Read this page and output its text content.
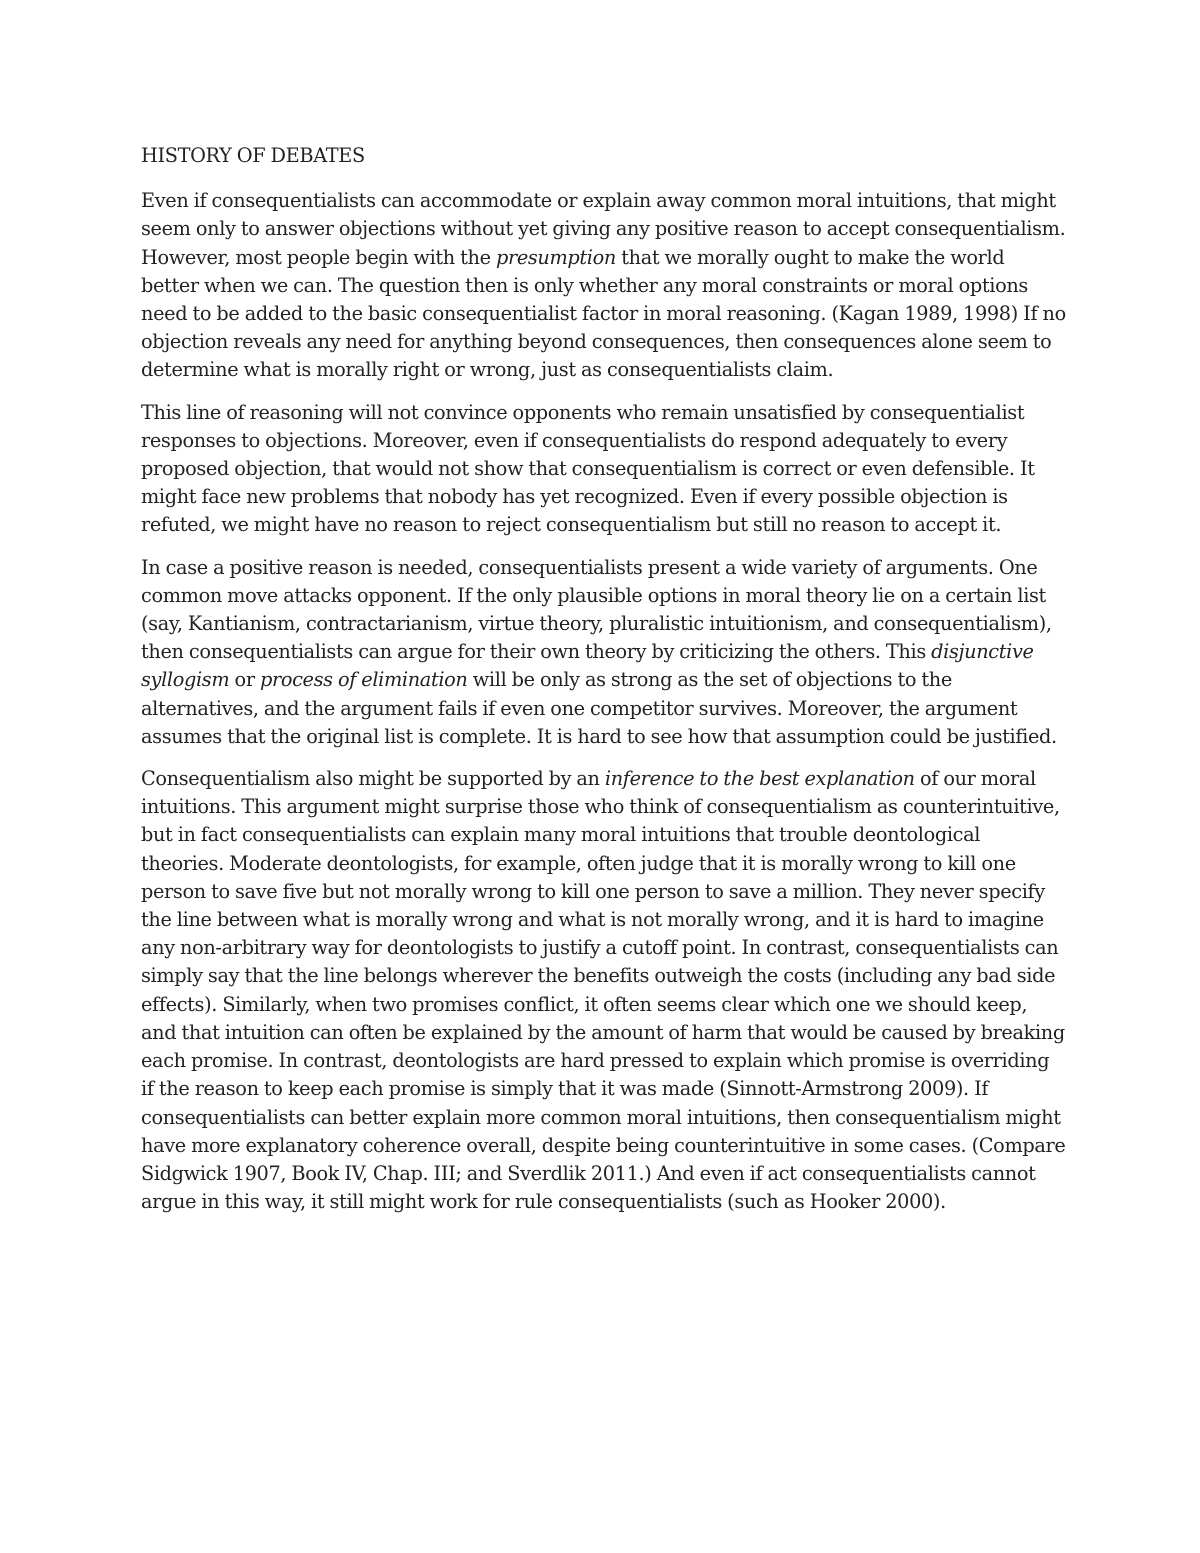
HISTORY OF DEBATES

Even if consequentialists can accommodate or explain away common moral intuitions, that might seem only to answer objections without yet giving any positive reason to accept consequentialism. However, most people begin with the presumption that we morally ought to make the world better when we can. The question then is only whether any moral constraints or moral options need to be added to the basic consequentialist factor in moral reasoning. (Kagan 1989, 1998) If no objection reveals any need for anything beyond consequences, then consequences alone seem to determine what is morally right or wrong, just as consequentialists claim.

This line of reasoning will not convince opponents who remain unsatisfied by consequentialist responses to objections. Moreover, even if consequentialists do respond adequately to every proposed objection, that would not show that consequentialism is correct or even defensible. It might face new problems that nobody has yet recognized. Even if every possible objection is refuted, we might have no reason to reject consequentialism but still no reason to accept it.

In case a positive reason is needed, consequentialists present a wide variety of arguments. One common move attacks opponent. If the only plausible options in moral theory lie on a certain list (say, Kantianism, contractarianism, virtue theory, pluralistic intuitionism, and consequentialism), then consequentialists can argue for their own theory by criticizing the others. This disjunctive syllogism or process of elimination will be only as strong as the set of objections to the alternatives, and the argument fails if even one competitor survives. Moreover, the argument assumes that the original list is complete. It is hard to see how that assumption could be justified.

Consequentialism also might be supported by an inference to the best explanation of our moral intuitions. This argument might surprise those who think of consequentialism as counterintuitive, but in fact consequentialists can explain many moral intuitions that trouble deontological theories. Moderate deontologists, for example, often judge that it is morally wrong to kill one person to save five but not morally wrong to kill one person to save a million. They never specify the line between what is morally wrong and what is not morally wrong, and it is hard to imagine any non-arbitrary way for deontologists to justify a cutoff point. In contrast, consequentialists can simply say that the line belongs wherever the benefits outweigh the costs (including any bad side effects). Similarly, when two promises conflict, it often seems clear which one we should keep, and that intuition can often be explained by the amount of harm that would be caused by breaking each promise. In contrast, deontologists are hard pressed to explain which promise is overriding if the reason to keep each promise is simply that it was made (Sinnott-Armstrong 2009). If consequentialists can better explain more common moral intuitions, then consequentialism might have more explanatory coherence overall, despite being counterintuitive in some cases. (Compare Sidgwick 1907, Book IV, Chap. III; and Sverdlik 2011.) And even if act consequentialists cannot argue in this way, it still might work for rule consequentialists (such as Hooker 2000).
